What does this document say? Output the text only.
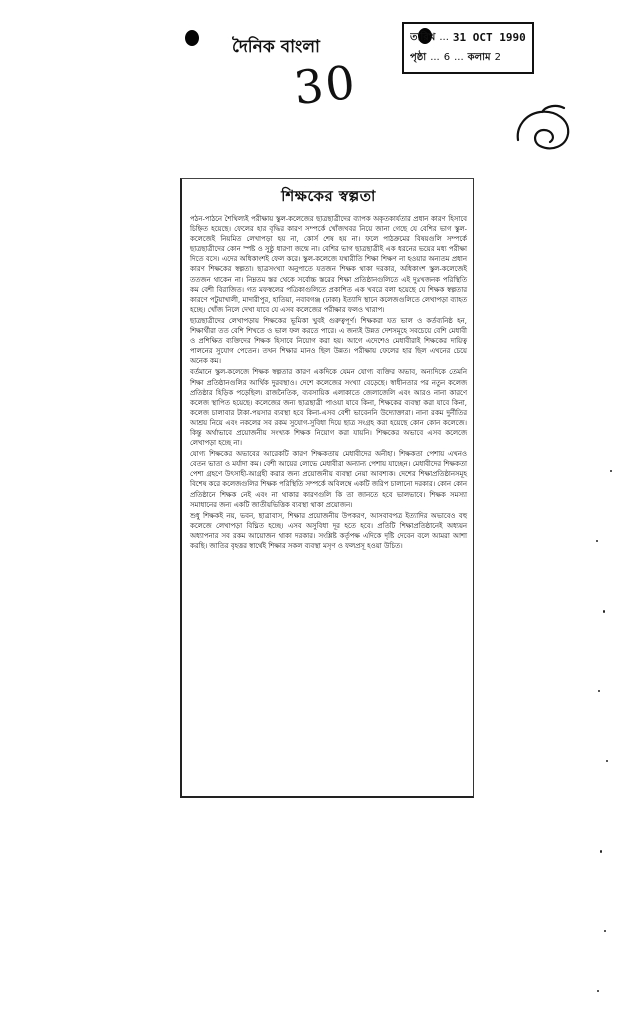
দৈনিক বাংলা
30
তারিখ ... 31 OCT 1990
পৃষ্ঠা ... 6 ... কলাম 2
শিক্ষকের স্বল্পতা

পঠন-পাঠনে শৈথিল্যই পরীক্ষায় স্কুল-কলেজের ছাত্রছাত্রীদের ব্যাপক অকৃতকার্যতার প্রধান কারণ হিসাবে চিহ্নিত হয়েছে। ফেলের হার বৃদ্ধির কারণ সম্পর্কে খোঁজখবর নিয়ে জানা গেছে যে বেশির ভাগ স্কুল-কলেজেই নিয়মিত লেখাপড়া হয় না, কোর্স শেষ হয় না। ফলে পাঠক্রমের বিষয়গুলি সম্পর্কে ছাত্রছাত্রীদের কোন স্পষ্ট ও সুষ্ঠু ধারণা জন্মে না। বেশির ভাগ ছাত্রছাত্রীই এক ধরনের ভয়ের মধ্য পরীক্ষা দিতে বসে। এদের অধিকাংশই ফেল করে। স্কুল-কলেজে যথারীতি শিক্ষা শিক্ষণ না হওয়ার অন্যতম প্রধান কারণ শিক্ষকের স্বল্পতা। ছাত্রসংখ্যা অনুপাতে যতজন শিক্ষক থাকা দরকার, অধিকাংশ স্কুল-কলেজেই ততজন থাকেন না। নিম্নতম স্তর থেকে সর্বোচ্চ স্তরের শিক্ষা প্রতিষ্ঠানগুলিতে এই দুঃখজনক পরিস্থিতি কম বেশী বিরাজিত। গত মফস্বলের পত্রিকাগুলিতে প্রকাশিত এক খবরে বলা হয়েছে যে শিক্ষক স্বল্পতার কারণে পটুয়াখালী, মাদারীপুর, হাতিয়া, নবাবগঞ্জ (ঢাকা) ইত্যাদি স্থানে কলেজগুলিতে লেখাপড়া ব্যাহত হচ্ছে। খোঁজ নিলে দেখা যাবে যে এসব কলেজের পরীক্ষার ফলও খারাপ।

ছাত্রছাত্রীদের লেখাপড়ায় শিক্ষকের ভূমিকা খুবই গুরুত্বপূর্ণ। শিক্ষকরা যত ভাল ও কর্তব্যনিষ্ঠ হন, শিক্ষার্থীরা তত বেশি শিখতে ও ভাল ফল করতে পারে। এ জন্যই উন্নত দেশসমূহে সবচেয়ে বেশি মেধাবী ও প্রশিক্ষিত ব্যক্তিদের শিক্ষক হিসাবে নিয়োগ করা হয়। আগে এদেশেও মেধাবীরাই শিক্ষকের দায়িত্ব পালনের সুযোগ পেতেন। তখন শিক্ষার মানও ছিল উন্নত। পরীক্ষায় ফেলের হার ছিল এখনের চেয়ে অনেক কম।

বর্তমানে স্কুল-কলেজে শিক্ষক স্বল্পতার কারণ একদিকে যেমন যোগ্য ব্যক্তির অভাব, অন্যদিকে তেমনি শিক্ষা প্রতিষ্ঠানগুলির আর্থিক দুরবস্থাও। দেশে কলেজের সংখ্যা বেড়েছে। স্বাধীনতার পর নতুন কলেজ প্রতিষ্ঠার হিড়িক পড়েছিল। রাজনৈতিক, ব্যবসায়িক এলাকাতে জেলাজেলি এবং আরও নানা কারণে কলেজ স্থাপিত হয়েছে। কলেজের জন্য ছাত্রছাত্রী পাওয়া যাবে কিনা, শিক্ষকের ব্যবস্থা করা যাবে কিনা, কলেজ চালাবার টাকা-পয়সার ব্যবস্থা হবে কিনা-এসব বেশী ভাবেননি উদ্যোক্তারা। নানা রকম দুর্নীতির আশ্রয় নিয়ে এবং নকলের সব রকম সুযোগ-সুবিধা দিয়ে ছাত্র সংগ্রহ করা হয়েছে কোন কোন কলেজে। কিন্তু অর্থাভাবে প্রয়োজনীয় সংখ্যক শিক্ষক নিয়োগ করা যায়নি। শিক্ষকের অভাবে এসব কলেজে লেখাপড়া হচ্ছে না।

যোগ্য শিক্ষকের অভাবের আরেকটি কারণ শিক্ষকতায় মেধাবীদের অনীহা। শিক্ষকতা পেশায় এখনও বেতন ভাতা ও মর্যাদা কম। বেশী আয়ের লোভে মেধাবীরা অন্যান্য পেশায় যাচ্ছেন। মেধাবীদের শিক্ষকতা পেশা গ্রহণে উৎসাহী-আগ্রহী করার জন্য প্রয়োজনীয় ব্যবস্থা নেয়া আবশ্যক। দেশের শিক্ষাপ্রতিষ্ঠানসমূহ বিশেষ করে কলেজগুলির শিক্ষক পরিস্থিতি সম্পর্কে অবিলম্বে একটি জরিপ চালানো দরকার। কোন কোন প্রতিষ্ঠানে শিক্ষক নেই এবং না থাকার কারণগুলি কি তা জানতে হবে ভালভাবে। শিক্ষক সমস্যা সমাধানের জন্য একটি জাতীয়ভিত্তিক ব্যবস্থা থাকা প্রয়োজন।

শুধু শিক্ষকই নয়, ভবন, ছাত্রাবাস, শিক্ষার প্রয়োজনীয় উপকরণ, আসবাবপত্র ইত্যাদির অভাবেও বহু কলেজে লেখাপড়া বিঘ্নিত হচ্ছে। এসব অসুবিধা দূর হতে হবে। প্রতিটি শিক্ষাপ্রতিষ্ঠানেই অধ্যয়ন অধ্যাপনার সব রকম আয়োজন থাকা দরকার। সংশ্লিষ্ট কর্তৃপক্ষ এদিকে দৃষ্টি দেবেন বলে আমরা আশা করছি। জাতির বৃহত্তর স্বার্থেই শিক্ষার সকল ব্যবস্থা মসৃণ ও ফলপ্রসূ হওয়া উচিত।
